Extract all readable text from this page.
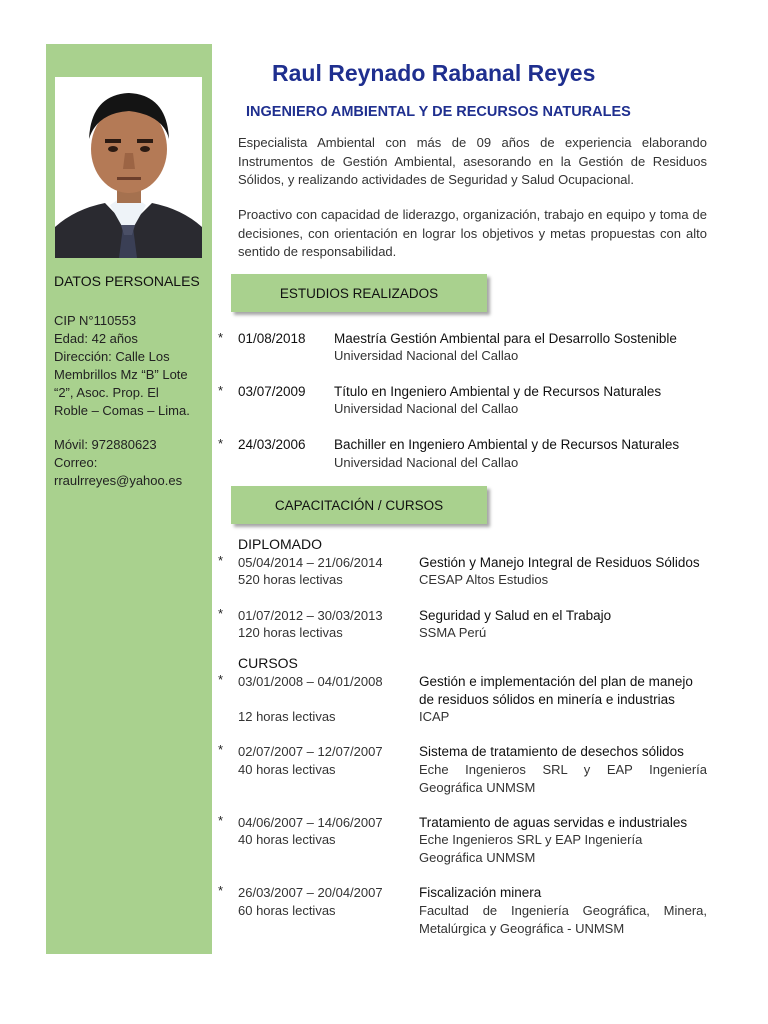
DATOS PERSONALES
CIP N°110553
Edad: 42 años
Dirección: Calle Los
Membrillos Mz “B” Lote
“2”, Asoc. Prop. El
Roble – Comas – Lima.
Móvil: 972880623
Correo:
rraulrreyes@yahoo.es
Raul Reynado Rabanal Reyes
INGENIERO AMBIENTAL Y DE RECURSOS NATURALES
Especialista Ambiental con más de 09 años de experiencia elaborando Instrumentos de Gestión Ambiental, asesorando en la Gestión de Residuos Sólidos, y realizando actividades de Seguridad y Salud Ocupacional.
Proactivo con capacidad de liderazgo, organización, trabajo en equipo y toma de decisiones, con orientación en lograr los objetivos y metas propuestas con alto sentido de responsabilidad.
ESTUDIOS REALIZADOS
* 01/08/2018 Maestría Gestión Ambiental para el Desarrollo Sostenible
Universidad Nacional del Callao
* 03/07/2009 Título en Ingeniero Ambiental y de Recursos Naturales
Universidad Nacional del Callao
* 24/03/2006 Bachiller en Ingeniero Ambiental y de Recursos Naturales
Universidad Nacional del Callao
CAPACITACIÓN / CURSOS
DIPLOMADO
* 05/04/2014 – 21/06/2014	Gestión y Manejo Integral de Residuos Sólidos
520 horas lectivas	CESAP Altos Estudios
* 01/07/2012 – 30/03/2013	Seguridad y Salud en el Trabajo
120 horas lectivas	SSMA Perú
CURSOS
* 03/01/2008 – 04/01/2008	Gestión e implementación del plan de manejo de residuos sólidos en minería e industrias
12 horas lectivas	ICAP
* 02/07/2007 – 12/07/2007	Sistema de tratamiento de desechos sólidos
40 horas lectivas	Eche Ingenieros SRL y EAP Ingeniería Geográfica UNMSM
* 04/06/2007 – 14/06/2007	Tratamiento de aguas servidas e industriales
40 horas lectivas	Eche Ingenieros SRL y EAP Ingeniería Geográfica UNMSM
* 26/03/2007 – 20/04/2007	Fiscalización minera
60 horas lectivas	Facultad de Ingeniería Geográfica, Minera, Metalúrgica y Geográfica - UNMSM
